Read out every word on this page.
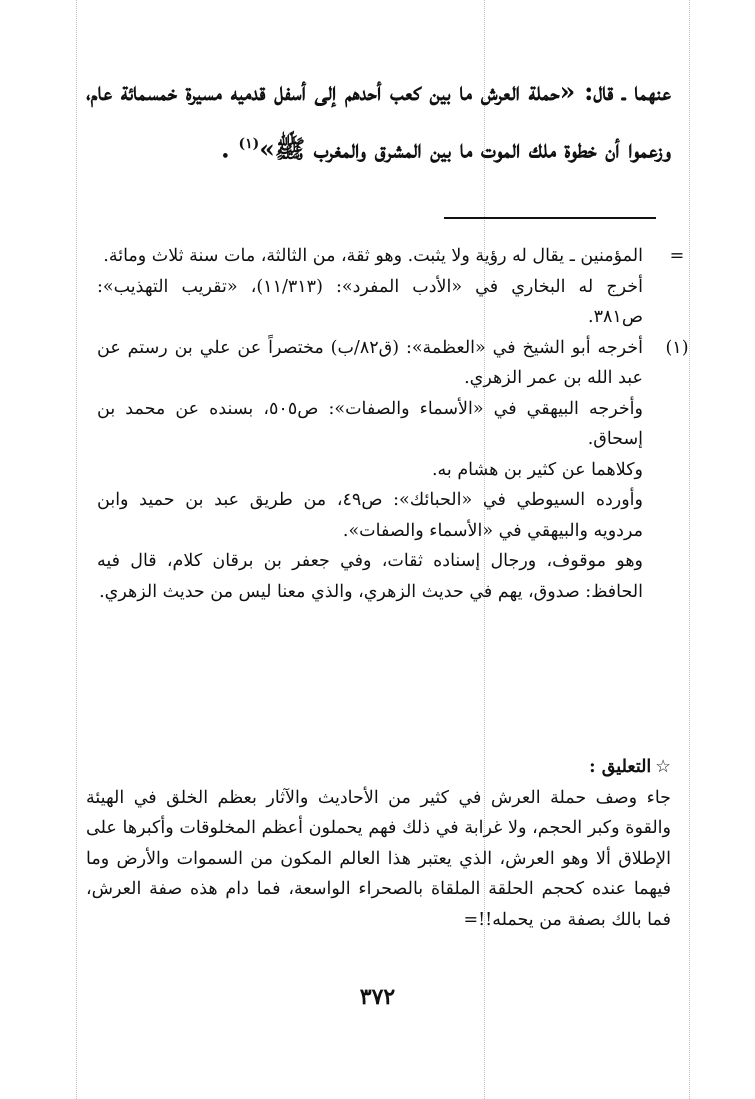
عنهما ـ قال: «حملة العرش ما بين كعب أحدهم إلى أسفل قدميه مسيرة خمسمائة عام، وزعموا أن خطوة ملك الموت ما بين المشرق والمغرب ﷺ»$^{(١)}$ .

=

المؤمنين ـ يقال له رؤية ولا يثبت. وهو ثقة، من الثالثة، مات سنة ثلاث ومائة.

أخرج له البخاري في «الأدب المفرد»: (١١/٣١٣)، «تقريب التهذيب»: ص٣٨١.

(١)

أخرجه أبو الشيخ في «العظمة»: (ق٨٢/ب) مختصراً عن علي بن رستم عن عبد الله بن عمر الزهري.

وأخرجه البيهقي في «الأسماء والصفات»: ص٥٠٥، بسنده عن محمد بن إسحاق.

وكلاهما عن كثير بن هشام به.

وأورده السيوطي في «الحبائك»: ص٤٩، من طريق عبد بن حميد وابن مردويه والبيهقي في «الأسماء والصفات».

وهو موقوف، ورجال إسناده ثقات، وفي جعفر بن برقان كلام، قال فيه الحافظ: صدوق، يهم في حديث الزهري، والذي معنا ليس من حديث الزهري.

☆التعليق :

جاء وصف حملة العرش في كثير من الأحاديث والآثار بعظم الخلق في الهيئة والقوة وكبر الحجم، ولا غرابة في ذلك فهم يحملون أعظم المخلوقات وأكبرها على الإطلاق ألا وهو العرش، الذي يعتبر هذا العالم المكون من السموات والأرض وما فيهما عنده كحجم الحلقة الملقاة بالصحراء الواسعة، فما دام هذه صفة العرش، فما بالك بصفة من يحمله!!=

٣٧٢
